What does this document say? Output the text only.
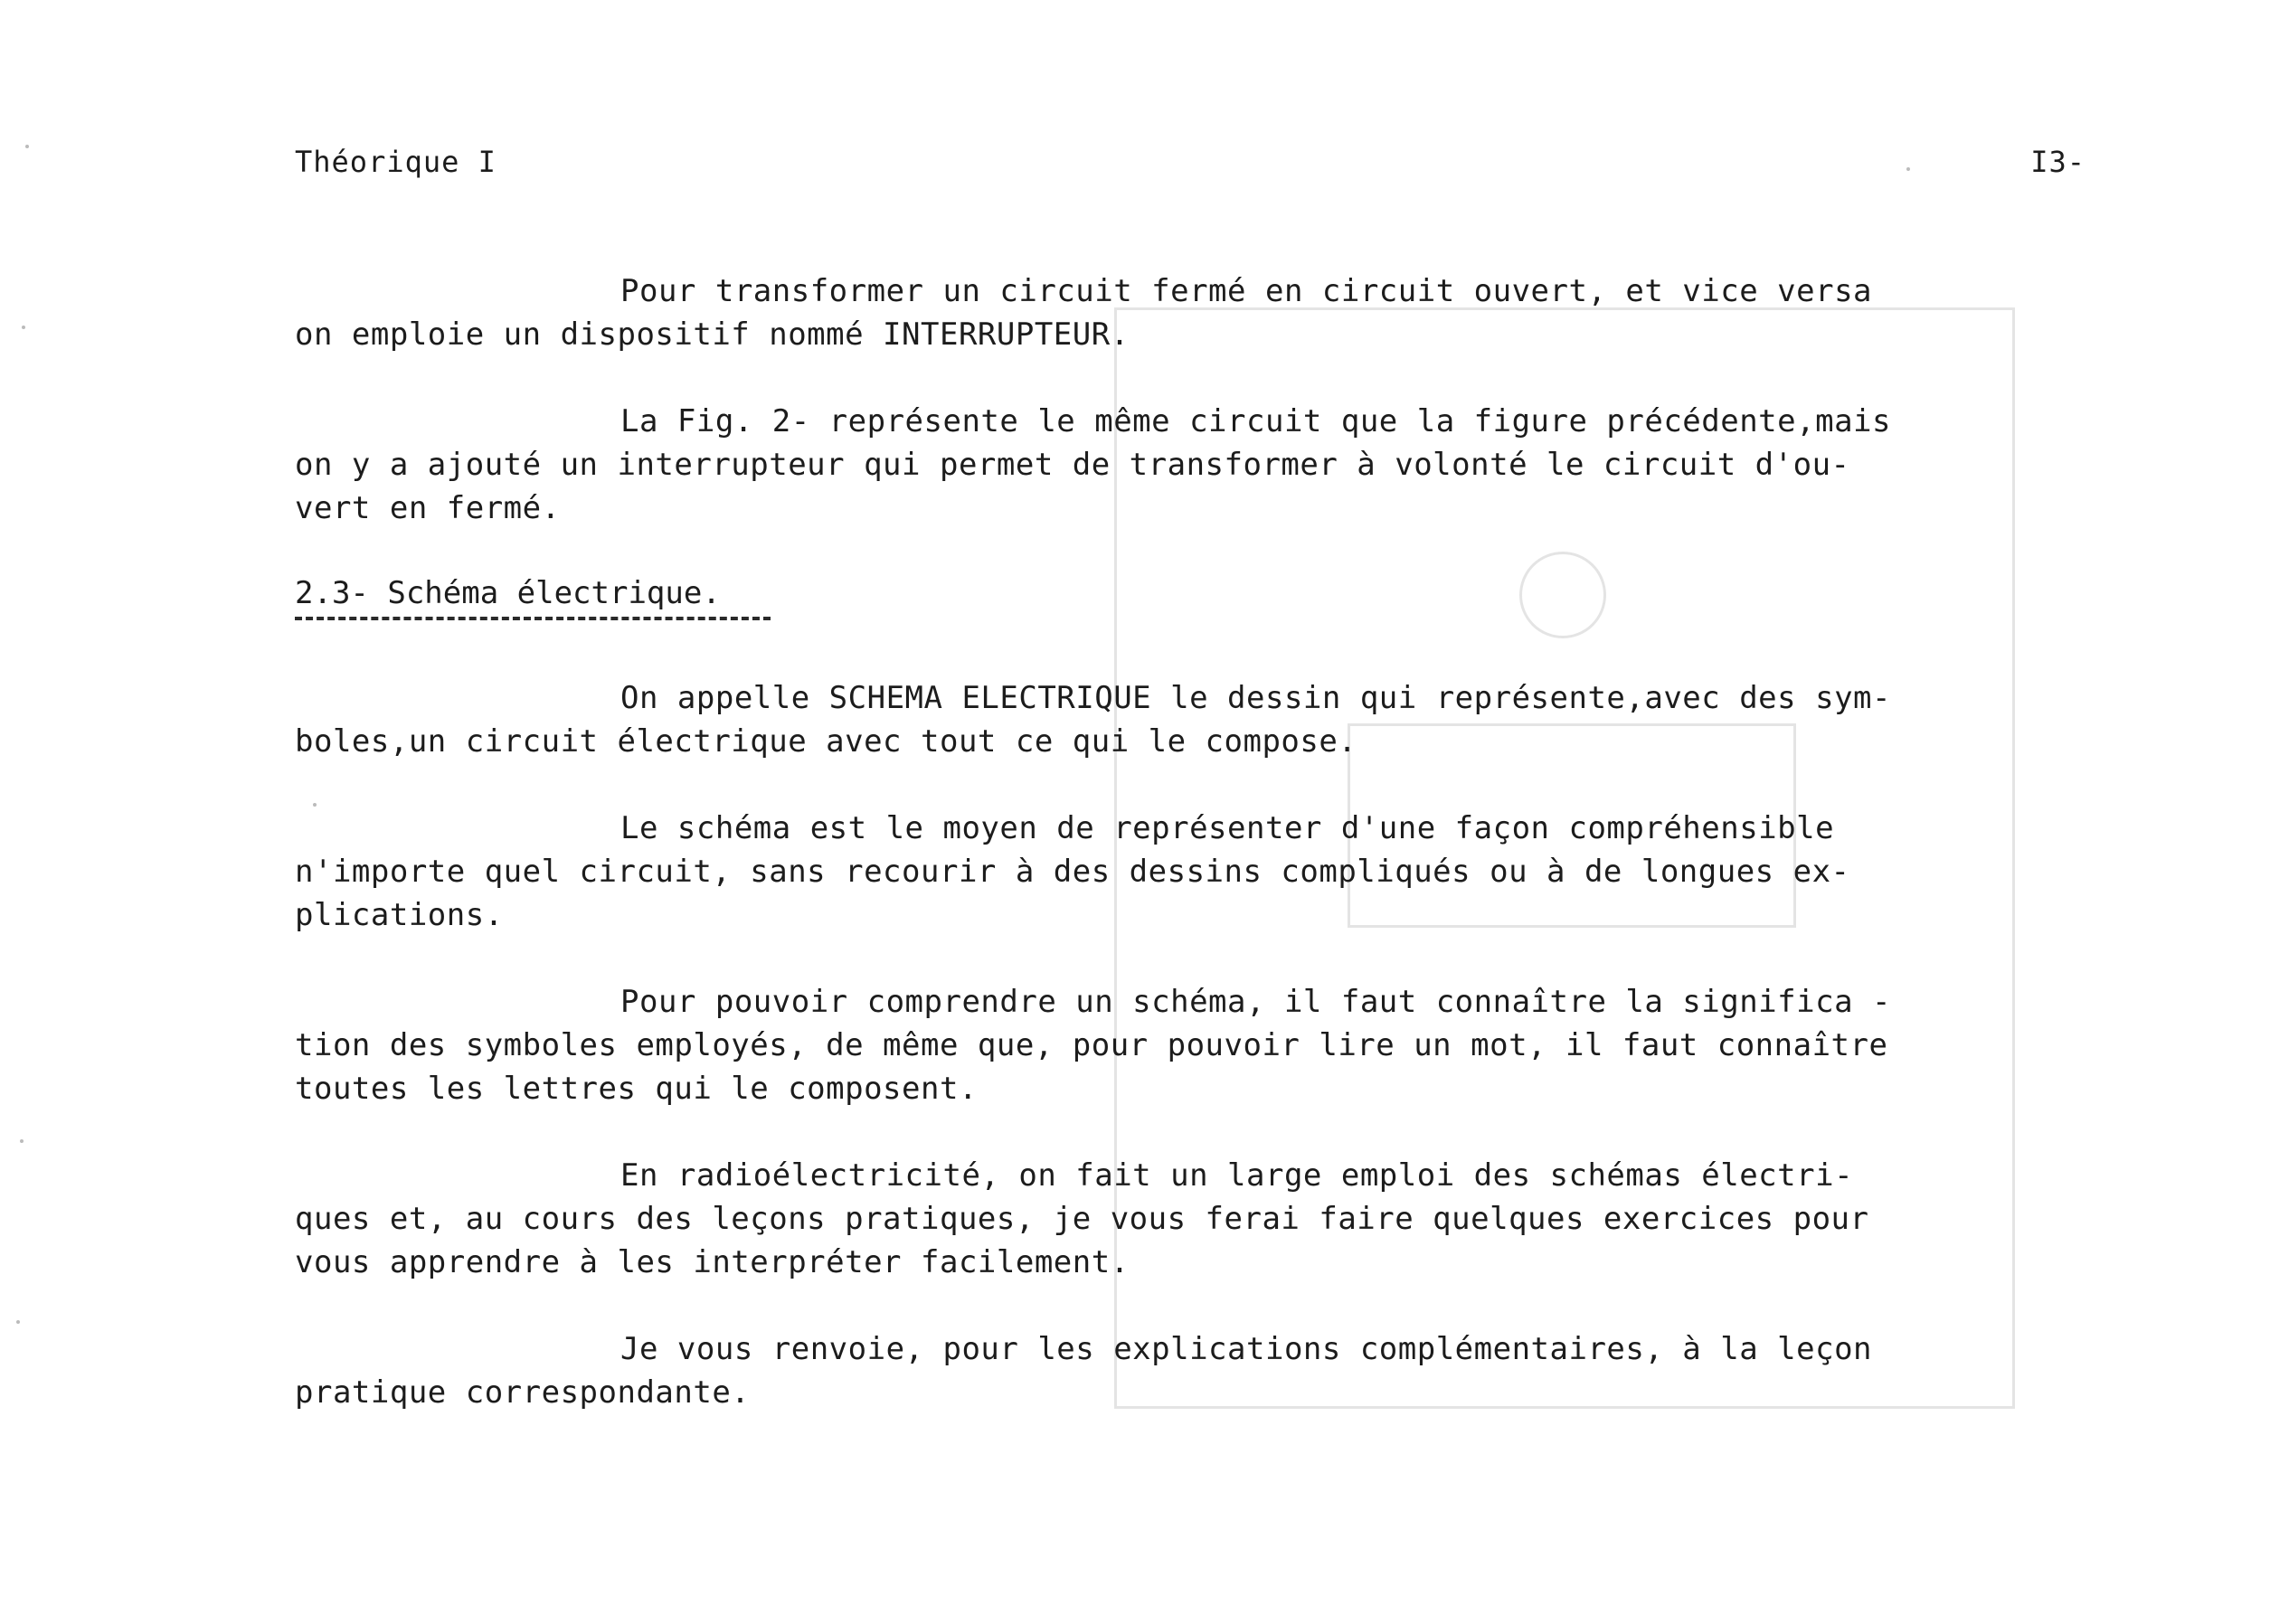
Théorique I	I3-
Pour transformer un circuit fermé en circuit ouvert, et vice versa
on emploie un dispositif nommé INTERRUPTEUR.
La Fig. 2- représente le même circuit que la figure précédente,mais
on y a ajouté un interrupteur qui permet de transformer à volonté le circuit d'ou-
vert en fermé.
2.3- Schéma électrique.
On appelle SCHEMA ELECTRIQUE le dessin qui représente,avec des sym-
boles,un circuit électrique avec tout ce qui le compose.
Le schéma est le moyen de représenter d'une façon compréhensible
n'importe quel circuit, sans recourir à des dessins compliqués ou à de longues ex-
plications.
Pour pouvoir comprendre un schéma, il faut connaître la significa -
tion des symboles employés, de même que, pour pouvoir lire un mot, il faut connaître
toutes les lettres qui le composent.
En radioélectricité, on fait un large emploi des schémas électri-
ques et, au cours des leçons pratiques, je vous ferai faire quelques exercices pour
vous apprendre à les interpréter facilement.
Je vous renvoie, pour les explications complémentaires, à la leçon
pratique correspondante.
